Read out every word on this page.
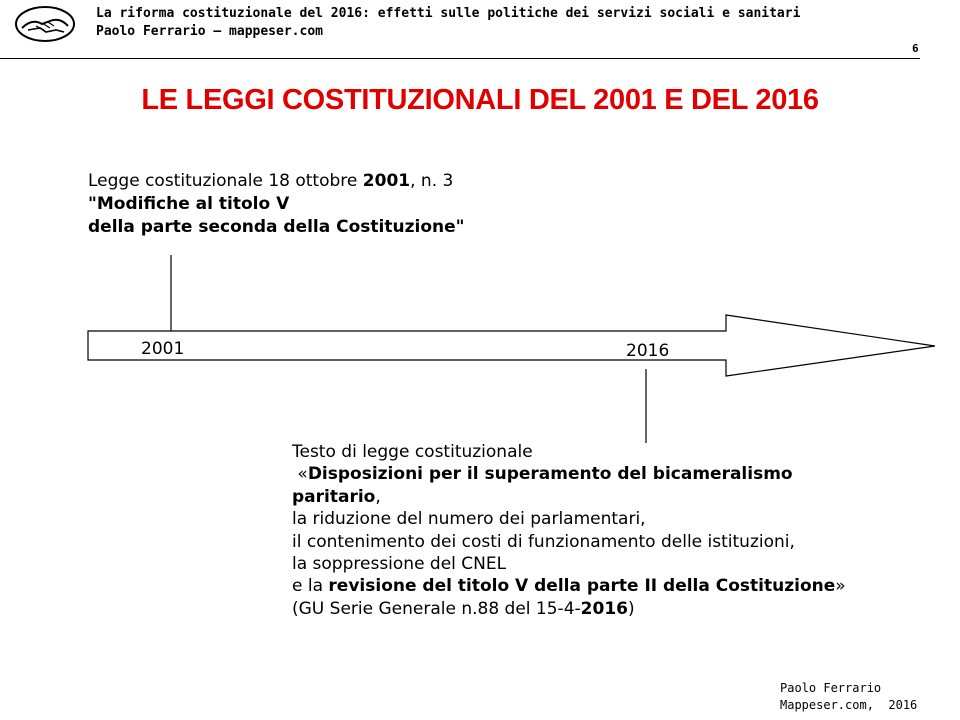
La riforma costituzionale del 2016: effetti sulle politiche dei servizi sociali e sanitari
Paolo Ferrario – mappeser.com
6
LE LEGGI COSTITUZIONALI DEL 2001 E DEL 2016
2001	2016
Legge costituzionale 18 ottobre 2001, n. 3
"Modifiche al titolo V
della parte seconda della Costituzione"
Testo di legge costituzionale
«Disposizioni per il superamento del bicameralismo
paritario,
la riduzione del numero dei parlamentari,
il contenimento dei costi di funzionamento delle istituzioni,
la soppressione del CNEL
e la revisione del titolo V della parte II della Costituzione»
(GU Serie Generale n.88 del 15-4-2016)
Paolo Ferrario
Mappeser.com,  2016
